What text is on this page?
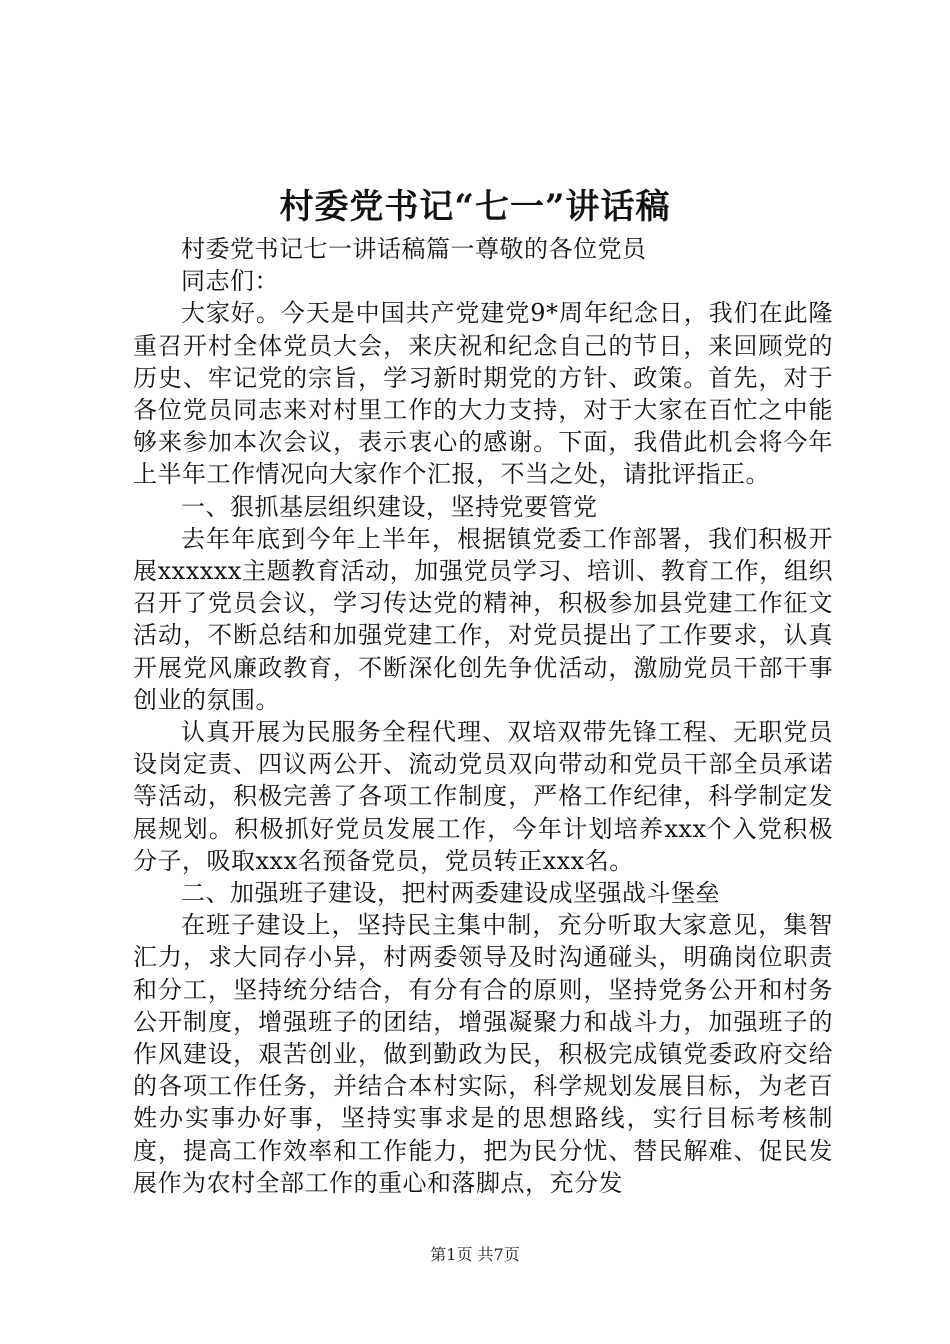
村委党书记“七一”讲话稿

村委党书记七一讲话稿篇一尊敬的各位党员

同志们：

大家好。今天是中国共产党建党9*周年纪念日，我们在此隆重召开村全体党员大会，来庆祝和纪念自己的节日，来回顾党的历史、牢记党的宗旨，学习新时期党的方针、政策。首先，对于各位党员同志来对村里工作的大力支持，对于大家在百忙之中能够来参加本次会议，表示衷心的感谢。下面，我借此机会将今年上半年工作情况向大家作个汇报，不当之处，请批评指正。

一、狠抓基层组织建设，坚持党要管党

去年年底到今年上半年，根据镇党委工作部署，我们积极开展xxxxxx主题教育活动，加强党员学习、培训、教育工作，组织召开了党员会议，学习传达党的精神，积极参加县党建工作征文活动，不断总结和加强党建工作，对党员提出了工作要求，认真开展党风廉政教育，不断深化创先争优活动，激励党员干部干事创业的氛围。

认真开展为民服务全程代理、双培双带先锋工程、无职党员设岗定责、四议两公开、流动党员双向带动和党员干部全员承诺等活动，积极完善了各项工作制度，严格工作纪律，科学制定发展规划。积极抓好党员发展工作，今年计划培养xxx个入党积极分子，吸取xxx名预备党员，党员转正xxx名。

二、加强班子建设，把村两委建设成坚强战斗堡垒

在班子建设上，坚持民主集中制，充分听取大家意见，集智汇力，求大同存小异，村两委领导及时沟通碰头，明确岗位职责和分工，坚持统分结合，有分有合的原则，坚持党务公开和村务公开制度，增强班子的团结，增强凝聚力和战斗力，加强班子的作风建设，艰苦创业，做到勤政为民，积极完成镇党委政府交给的各项工作任务，并结合本村实际，科学规划发展目标，为老百姓办实事办好事，坚持实事求是的思想路线，实行目标考核制度，提高工作效率和工作能力，把为民分忧、替民解难、促民发展作为农村全部工作的重心和落脚点，充分发

第1页 共7页
